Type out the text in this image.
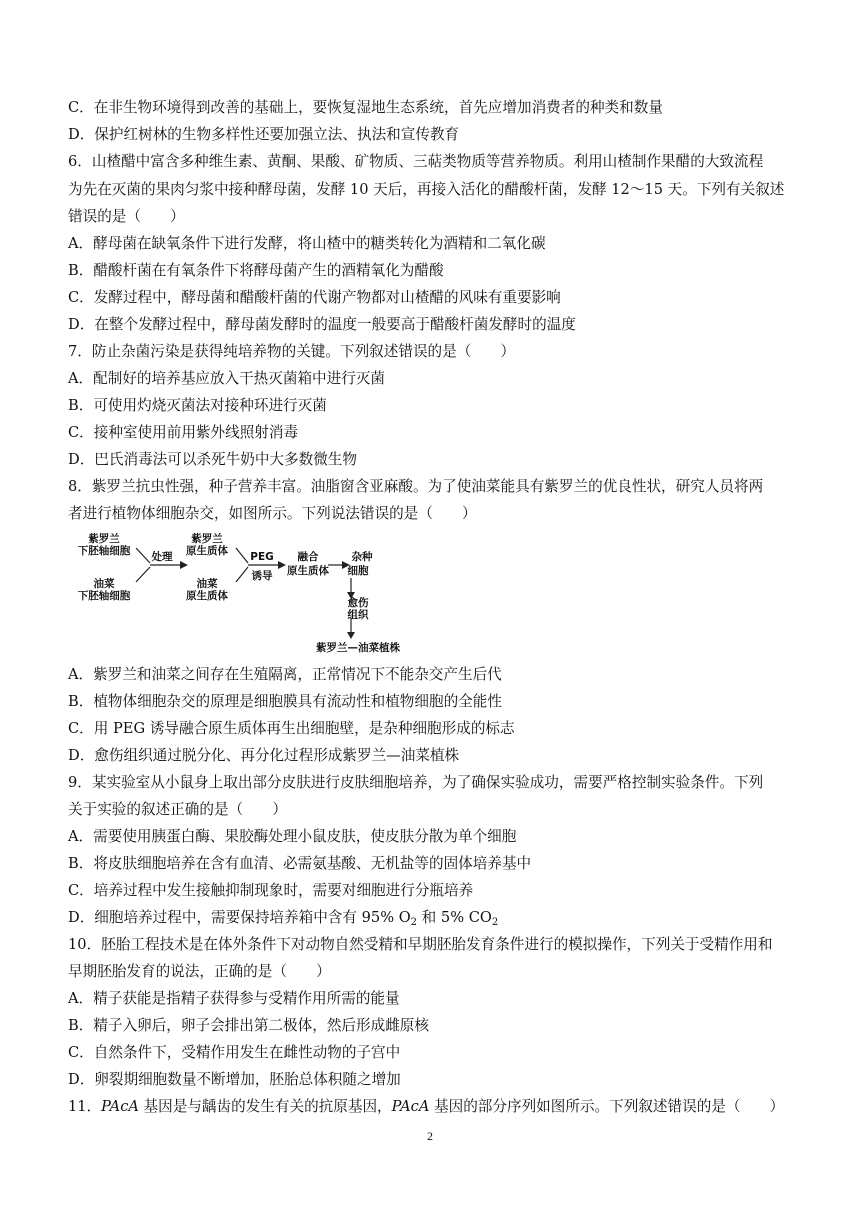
C．在非生物环境得到改善的基础上，要恢复湿地生态系统，首先应增加消费者的种类和数量
D．保护红树林的生物多样性还要加强立法、执法和宣传教育
6．山楂醋中富含多种维生素、黄酮、果酸、矿物质、三萜类物质等营养物质。利用山楂制作果醋的大致流程
为先在灭菌的果肉匀浆中接种酵母菌，发酵 10 天后，再接入活化的醋酸杆菌，发酵 12～15 天。下列有关叙述
错误的是（　　）
A．酵母菌在缺氧条件下进行发酵，将山楂中的糖类转化为酒精和二氧化碳
B．醋酸杆菌在有氧条件下将酵母菌产生的酒精氧化为醋酸
C．发酵过程中，酵母菌和醋酸杆菌的代谢产物都对山楂醋的风味有重要影响
D．在整个发酵过程中，酵母菌发酵时的温度一般要高于醋酸杆菌发酵时的温度
7．防止杂菌污染是获得纯培养物的关键。下列叙述错误的是（　　）
A．配制好的培养基应放入干热灭菌箱中进行灭菌
B．可使用灼烧灭菌法对接种环进行灭菌
C．接种室使用前用紫外线照射消毒
D．巴氏消毒法可以杀死牛奶中大多数微生物
8．紫罗兰抗虫性强，种子营养丰富。油脂窗含亚麻酸。为了使油菜能具有紫罗兰的优良性状，研究人员将两
者进行植物体细胞杂交，如图所示。下列说法错误的是（　　）
紫罗兰
下胚轴细胞
油菜
下胚轴细胞
处理
紫罗兰
原生质体
油菜
原生质体
PEG
诱导
融合
原生质体
杂种
细胞
愈伤
组织
紫罗兰—油菜植株
A．紫罗兰和油菜之间存在生殖隔离，正常情况下不能杂交产生后代
B．植物体细胞杂交的原理是细胞膜具有流动性和植物细胞的全能性
C．用 PEG 诱导融合原生质体再生出细胞壁，是杂种细胞形成的标志
D．愈伤组织通过脱分化、再分化过程形成紫罗兰—油菜植株
9．某实验室从小鼠身上取出部分皮肤进行皮肤细胞培养，为了确保实验成功，需要严格控制实验条件。下列
关于实验的叙述正确的是（　　）
A．需要使用胰蛋白酶、果胶酶处理小鼠皮肤，使皮肤分散为单个细胞
B．将皮肤细胞培养在含有血清、必需氨基酸、无机盐等的固体培养基中
C．培养过程中发生接触抑制现象时，需要对细胞进行分瓶培养
D．细胞培养过程中，需要保持培养箱中含有 95% $O_2$ 和 5% $CO_2$
10．胚胎工程技术是在体外条件下对动物自然受精和早期胚胎发育条件进行的模拟操作，下列关于受精作用和
早期胚胎发育的说法，正确的是（　　）
A．精子获能是指精子获得参与受精作用所需的能量
B．精子入卵后，卵子会排出第二极体，然后形成雌原核
C．自然条件下，受精作用发生在雌性动物的子宫中
D．卵裂期细胞数量不断增加，胚胎总体积随之增加
11．PAcA 基因是与龋齿的发生有关的抗原基因，PAcA 基因的部分序列如图所示。下列叙述错误的是（　　）
2
